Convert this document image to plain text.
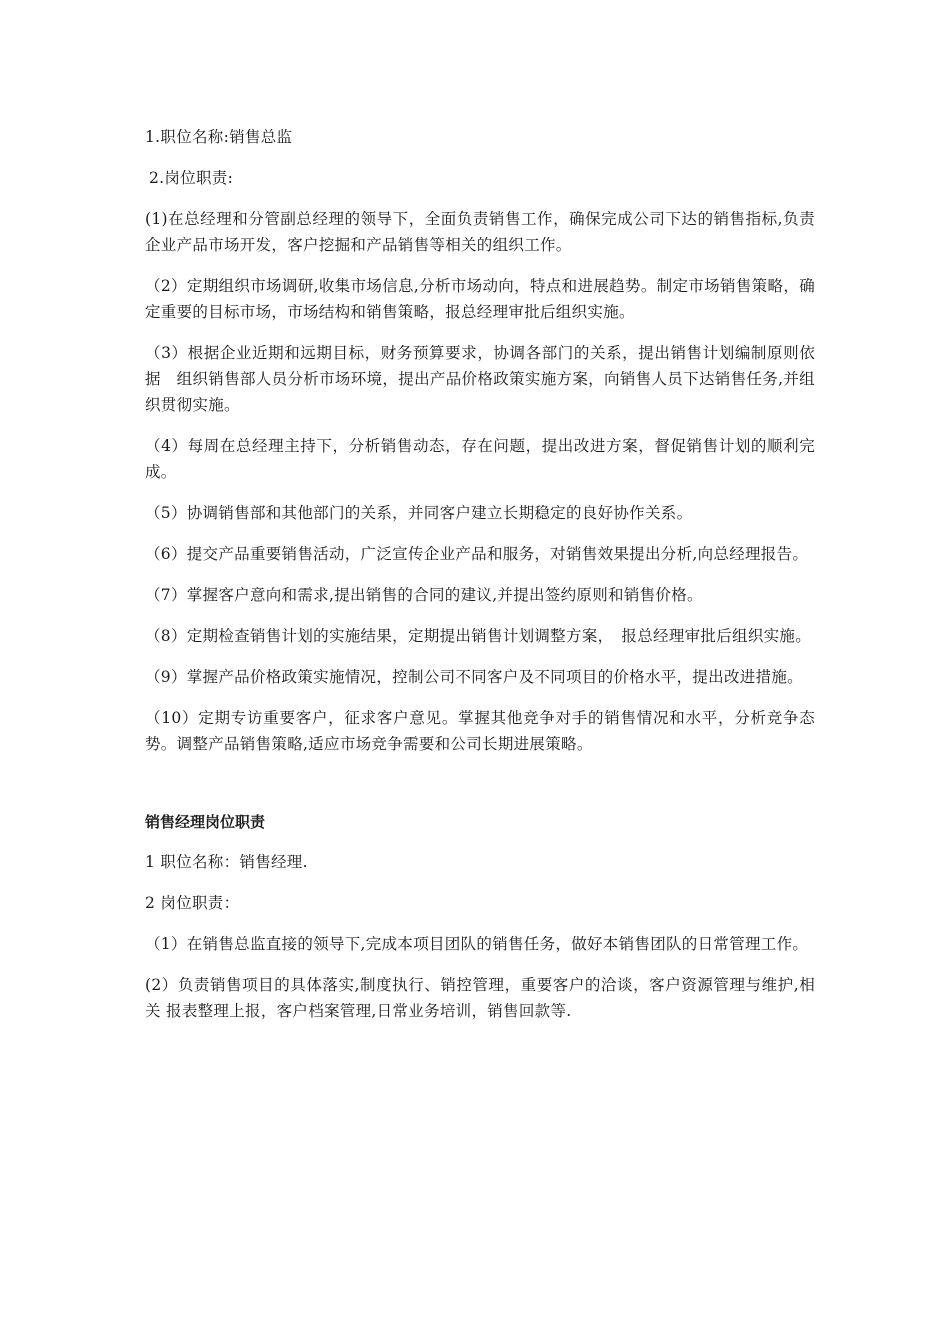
1.职位名称:销售总监

2.岗位职责:

(1)在总经理和分管副总经理的领导下，全面负责销售工作，确保完成公司下达的销售指标,负责企业产品市场开发，客户挖掘和产品销售等相关的组织工作。

（2）定期组织市场调研,收集市场信息,分析市场动向，特点和进展趋势。制定市场销售策略，确定重要的目标市场，市场结构和销售策略，报总经理审批后组织实施。

（3）根据企业近期和远期目标，财务预算要求，协调各部门的关系，提出销售计划编制原则依据　组织销售部人员分析市场环境，提出产品价格政策实施方案，向销售人员下达销售任务,并组织贯彻实施。

（4）每周在总经理主持下，分析销售动态，存在问题，提出改进方案，督促销售计划的顺利完成。

（5）协调销售部和其他部门的关系，并同客户建立长期稳定的良好协作关系。

（6）提交产品重要销售活动，广泛宣传企业产品和服务，对销售效果提出分析,向总经理报告。

（7）掌握客户意向和需求,提出销售的合同的建议,并提出签约原则和销售价格。

（8）定期检查销售计划的实施结果，定期提出销售计划调整方案，　报总经理审批后组织实施。

（9）掌握产品价格政策实施情况，控制公司不同客户及不同项目的价格水平，提出改进措施。

（10）定期专访重要客户，征求客户意见。掌握其他竞争对手的销售情况和水平，分析竞争态势。调整产品销售策略,适应市场竞争需要和公司长期进展策略。

销售经理岗位职责

1 职位名称：销售经理.

2 岗位职责：

（1）在销售总监直接的领导下,完成本项目团队的销售任务，做好本销售团队的日常管理工作。

(2）负责销售项目的具体落实,制度执行、销控管理，重要客户的洽谈，客户资源管理与维护,相关 报表整理上报，客户档案管理,日常业务培训，销售回款等.
